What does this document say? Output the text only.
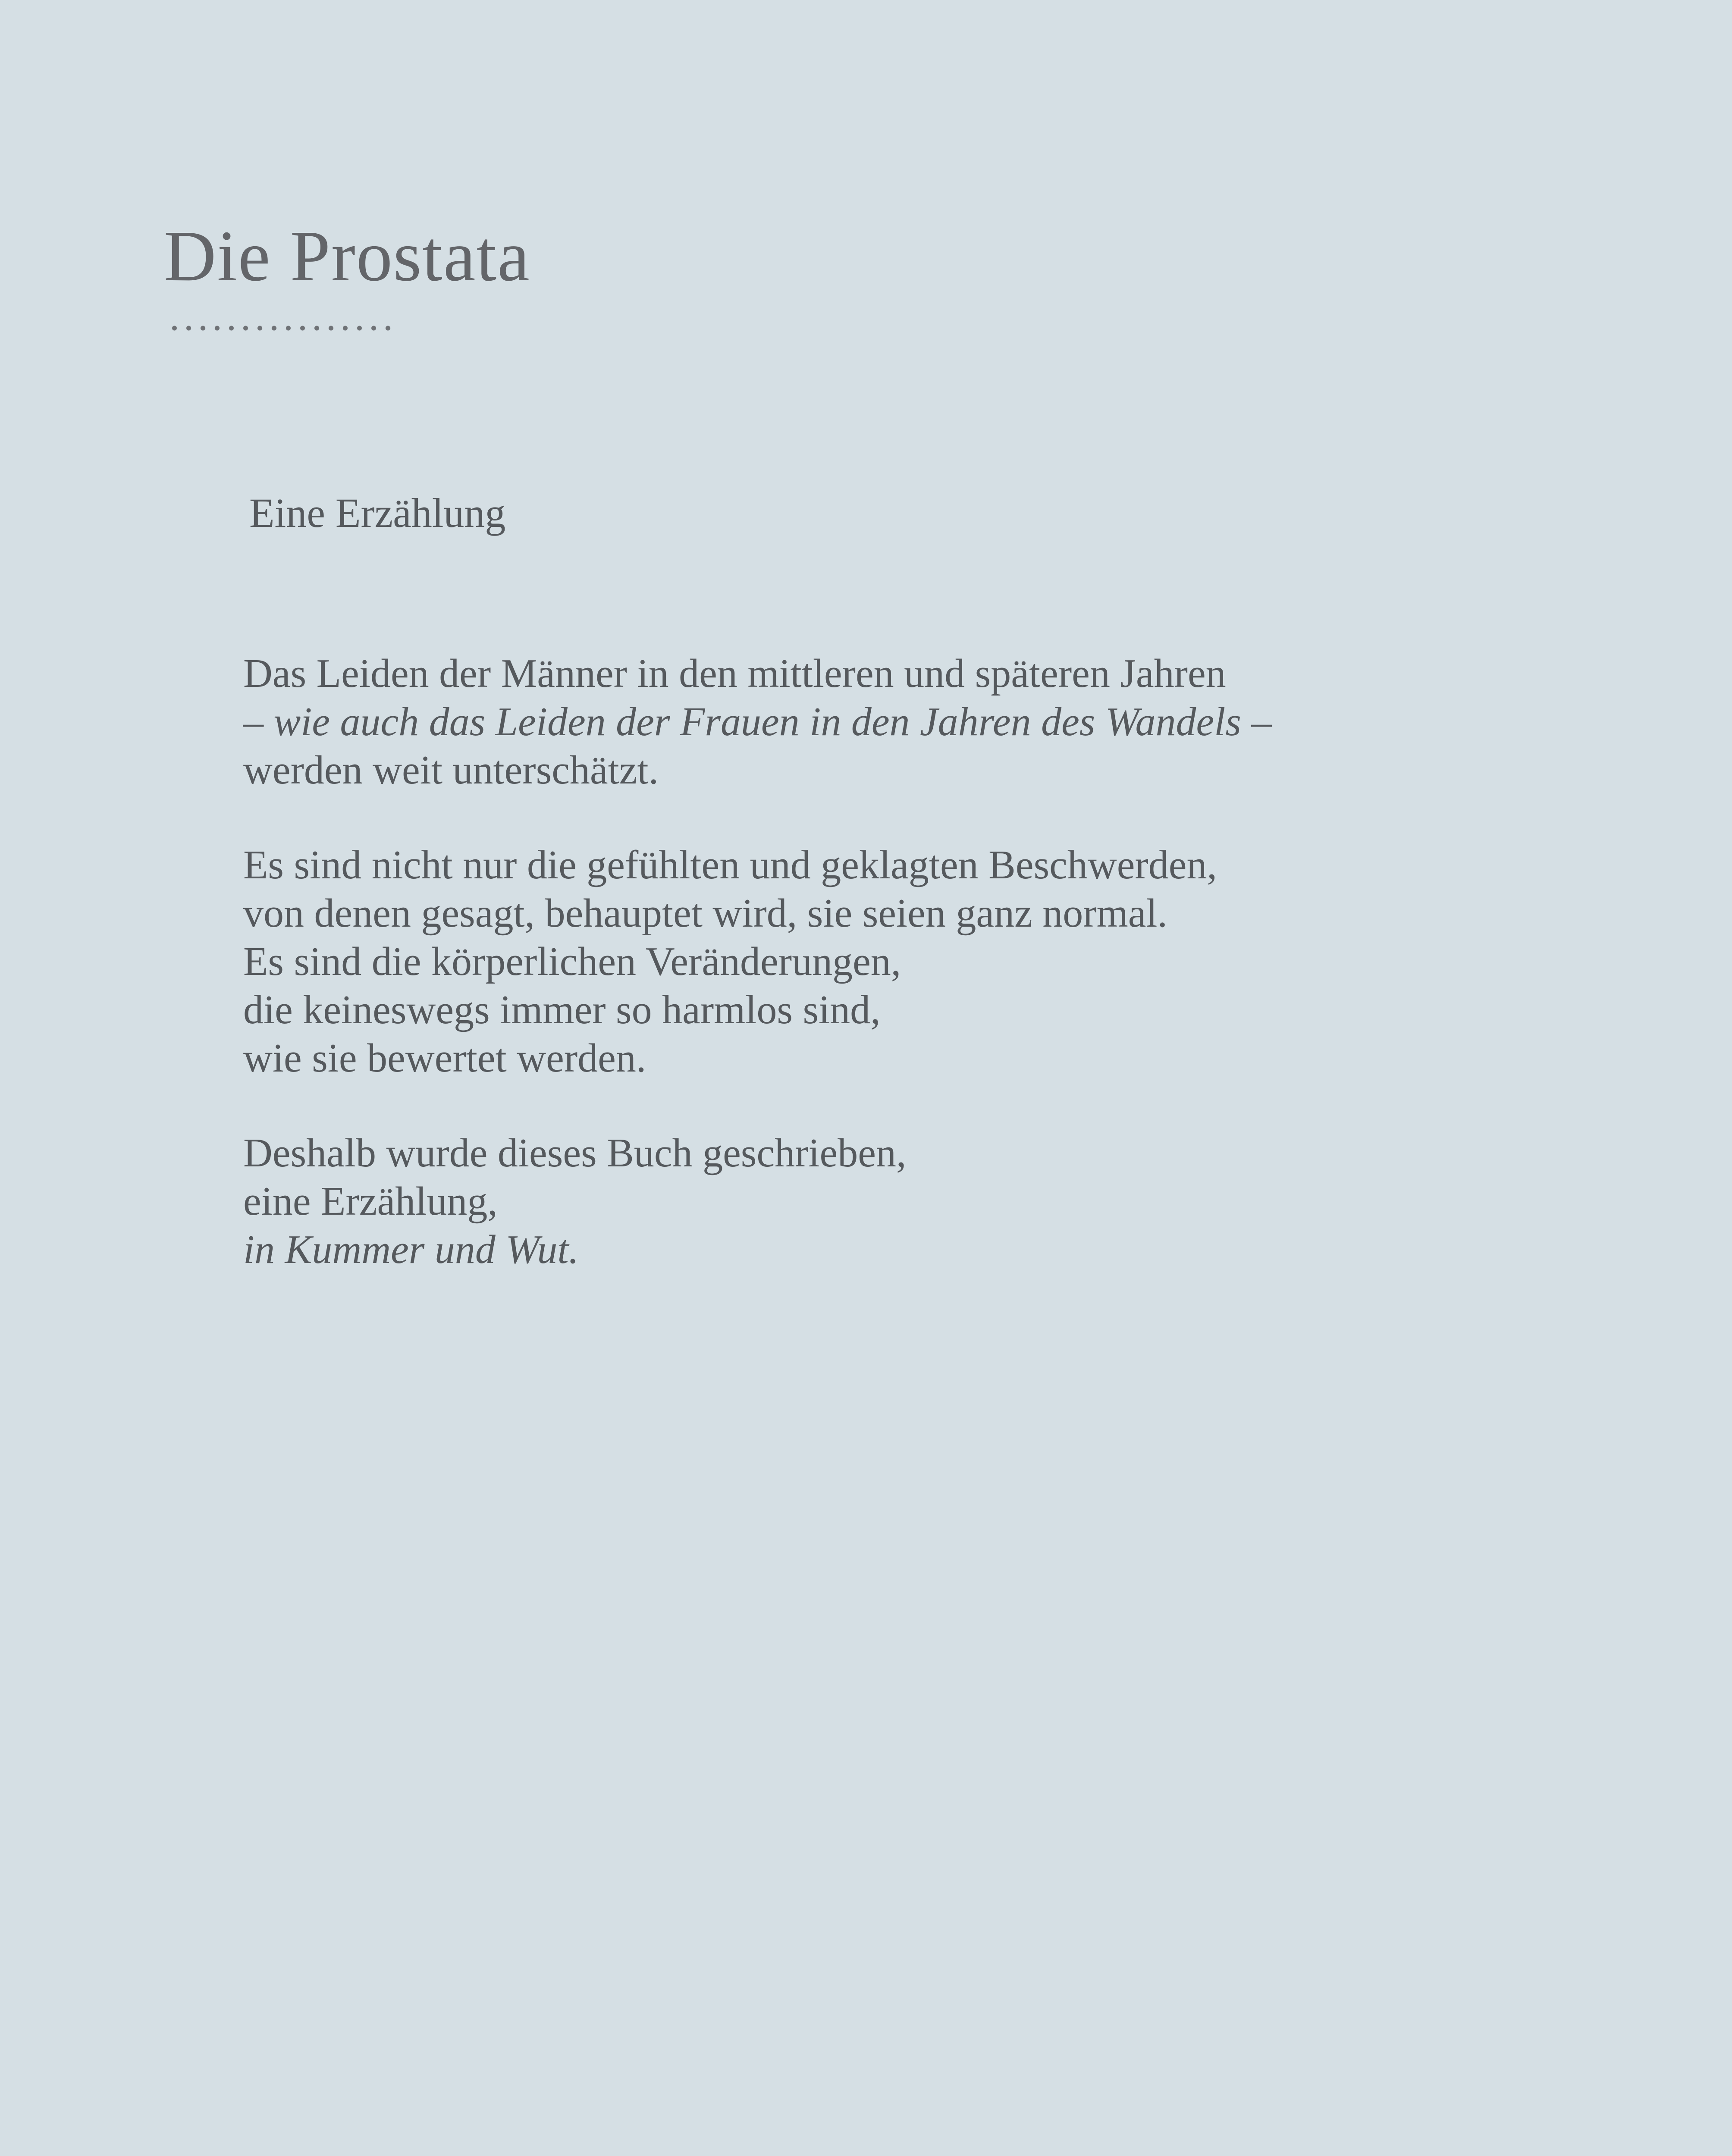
Die Prostata
Eine Erzählung
Das Leiden der Männer in den mittleren und späteren Jahren
– wie auch das Leiden der Frauen in den Jahren des Wandels –
werden weit unterschätzt.
Es sind nicht nur die gefühlten und geklagten Beschwerden,
von denen gesagt, behauptet wird, sie seien ganz normal.
Es sind die körperlichen Veränderungen,
die keineswegs immer so harmlos sind,
wie sie bewertet werden.
Deshalb wurde dieses Buch geschrieben,
eine Erzählung,
in Kummer und Wut.
